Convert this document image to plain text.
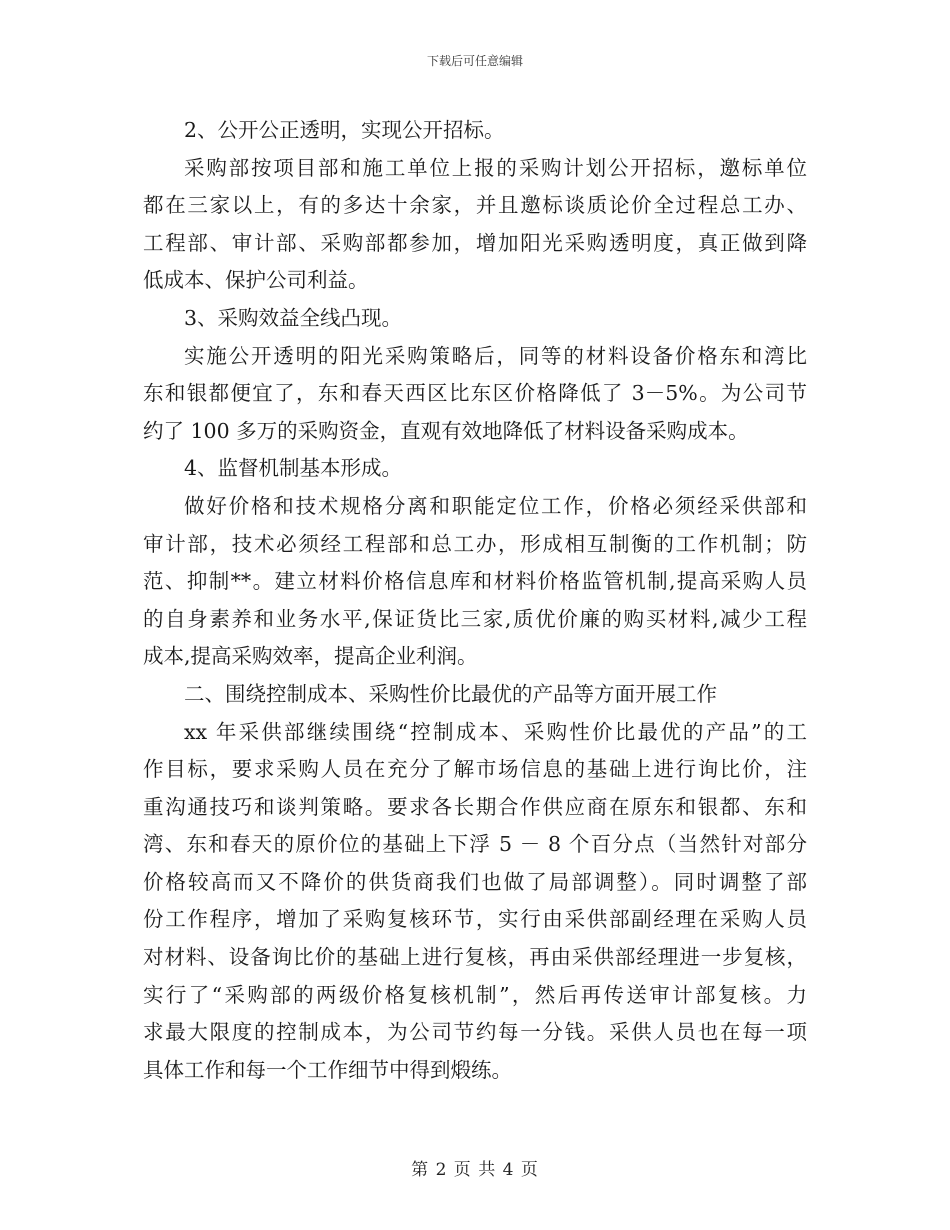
下载后可任意编辑
2、公开公正透明，实现公开招标。
采购部按项目部和施工单位上报的采购计划公开招标，邀标单位
都在三家以上，有的多达十余家，并且邀标谈质论价全过程总工办、
工程部、审计部、采购部都参加，增加阳光采购透明度，真正做到降
低成本、保护公司利益。
3、采购效益全线凸现。
实施公开透明的阳光采购策略后，同等的材料设备价格东和湾比
东和银都便宜了，东和春天西区比东区价格降低了 3－5%。为公司节
约了 100 多万的采购资金，直观有效地降低了材料设备采购成本。
4、监督机制基本形成。
做好价格和技术规格分离和职能定位工作，价格必须经采供部和
审计部，技术必须经工程部和总工办，形成相互制衡的工作机制；防
范、抑制**。建立材料价格信息库和材料价格监管机制,提高采购人员
的自身素养和业务水平,保证货比三家,质优价廉的购买材料,减少工程
成本,提高采购效率，提高企业利润。
二、围绕控制成本、采购性价比最优的产品等方面开展工作
xx 年采供部继续围绕“控制成本、采购性价比最优的产品”的工
作目标，要求采购人员在充分了解市场信息的基础上进行询比价，注
重沟通技巧和谈判策略。要求各长期合作供应商在原东和银都、东和
湾、东和春天的原价位的基础上下浮 5 － 8 个百分点（当然针对部分
价格较高而又不降价的供货商我们也做了局部调整）。同时调整了部
份工作程序，增加了采购复核环节，实行由采供部副经理在采购人员
对材料、设备询比价的基础上进行复核，再由采供部经理进一步复核，
实行了“采购部的两级价格复核机制”，然后再传送审计部复核。力
求最大限度的控制成本，为公司节约每一分钱。采供人员也在每一项
具体工作和每一个工作细节中得到煅练。
第 2 页 共 4 页
